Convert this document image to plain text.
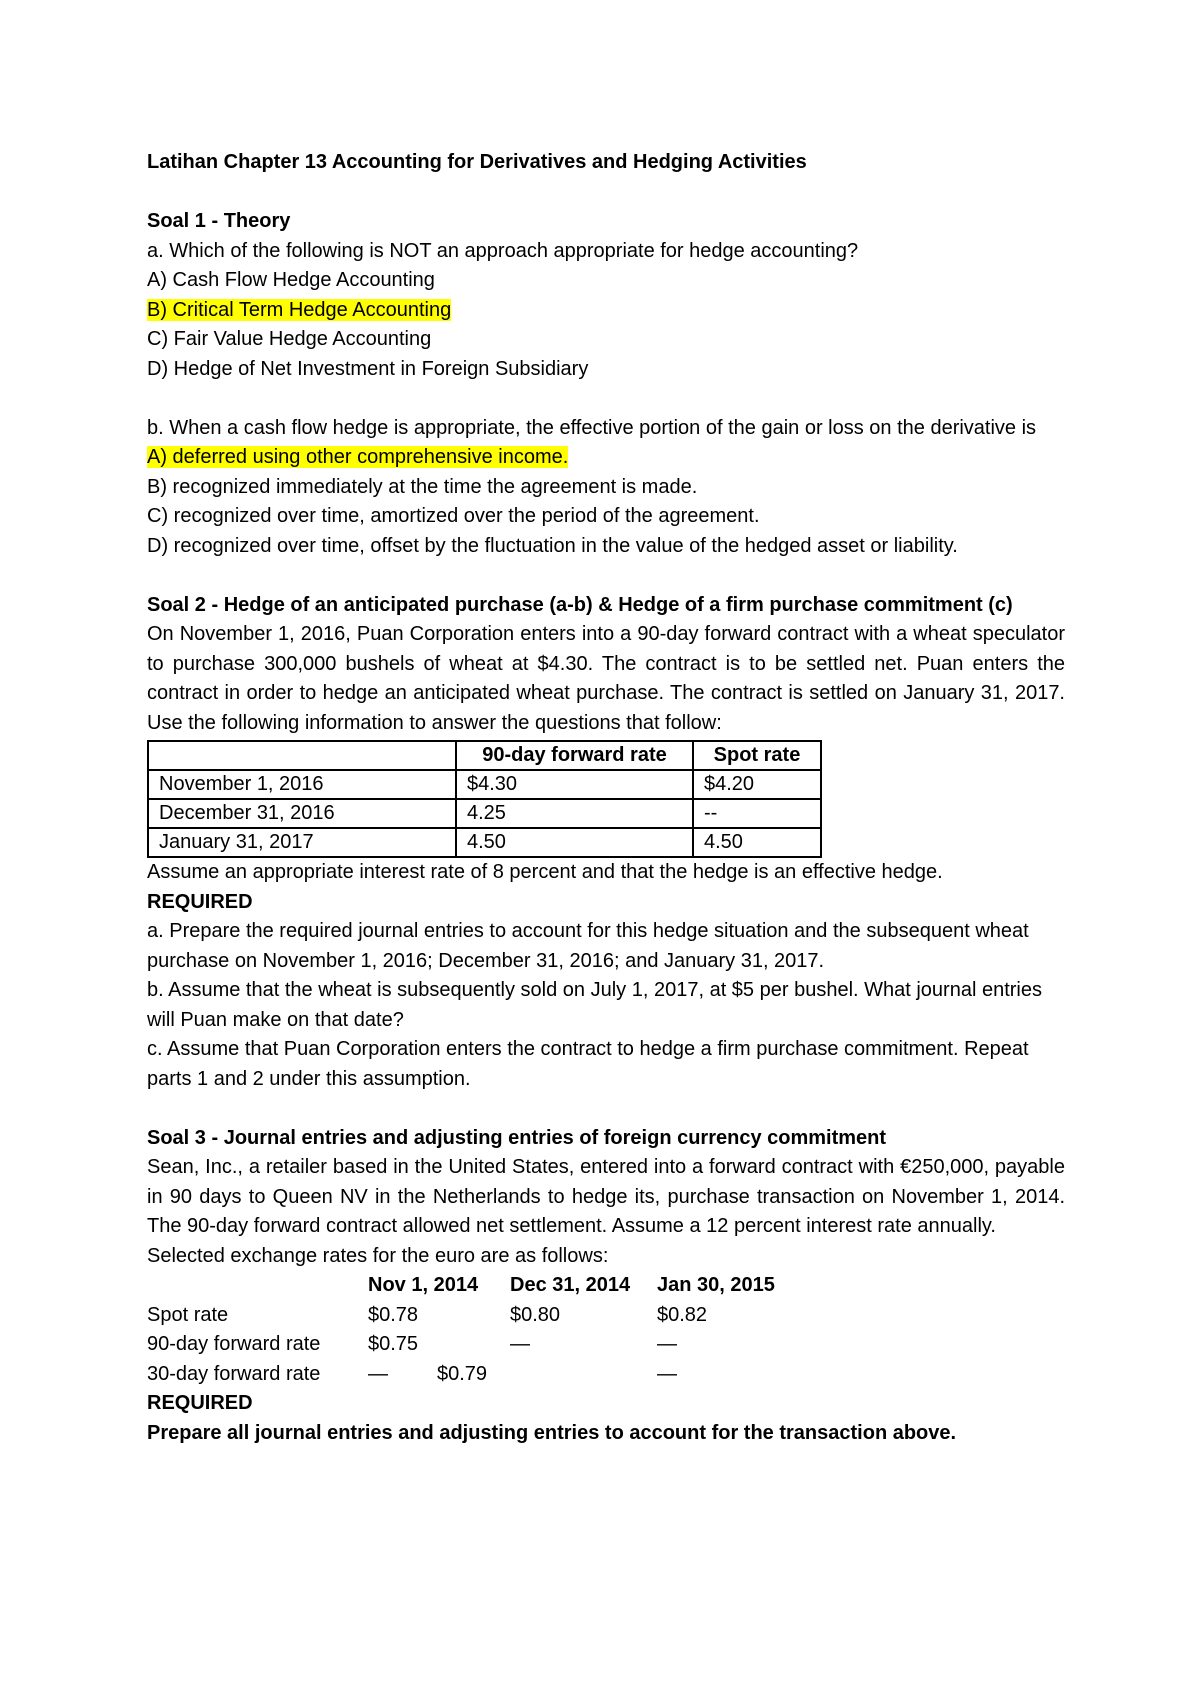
Latihan Chapter 13 Accounting for Derivatives and Hedging Activities

Soal 1 - Theory

a. Which of the following is NOT an approach appropriate for hedge accounting?

A) Cash Flow Hedge Accounting

B) Critical Term Hedge Accounting

C) Fair Value Hedge Accounting

D) Hedge of Net Investment in Foreign Subsidiary

b. When a cash flow hedge is appropriate, the effective portion of the gain or loss on the derivative is

A) deferred using other comprehensive income.

B) recognized immediately at the time the agreement is made.

C) recognized over time, amortized over the period of the agreement.

D) recognized over time, offset by the fluctuation in the value of the hedged asset or liability.

Soal 2 - Hedge of an anticipated purchase (a-b) & Hedge of a firm purchase commitment (c)

On November 1, 2016, Puan Corporation enters into a 90-day forward contract with a wheat speculator to purchase 300,000 bushels of wheat at $4.30. The contract is to be settled net. Puan enters the contract in order to hedge an anticipated wheat purchase. The contract is settled on January 31, 2017. Use the following information to answer the questions that follow:

	90-day forward rate	Spot rate
November 1, 2016	$4.30	$4.20
December 31, 2016	4.25	--
January 31, 2017	4.50	4.50

Assume an appropriate interest rate of 8 percent and that the hedge is an effective hedge.

REQUIRED

a. Prepare the required journal entries to account for this hedge situation and the subsequent wheat purchase on November 1, 2016; December 31, 2016; and January 31, 2017.

b. Assume that the wheat is subsequently sold on July 1, 2017, at $5 per bushel. What journal entries will Puan make on that date?

c. Assume that Puan Corporation enters the contract to hedge a firm purchase commitment. Repeat parts 1 and 2 under this assumption.

Soal 3 - Journal entries and adjusting entries of foreign currency commitment

Sean, Inc., a retailer based in the United States, entered into a forward contract with €250,000, payable in 90 days to Queen NV in the Netherlands to hedge its, purchase transaction on November 1, 2014. The 90-day forward contract allowed net settlement. Assume a 12 percent interest rate annually.

Selected exchange rates for the euro are as follows:

Nov 1, 2014 Dec 31, 2014 Jan 30, 2015
Spot rate	$0.78	$0.80	$0.82
90-day forward rate $0.75	—	—
30-day forward rate — $0.79	—

REQUIRED

Prepare all journal entries and adjusting entries to account for the transaction above.
